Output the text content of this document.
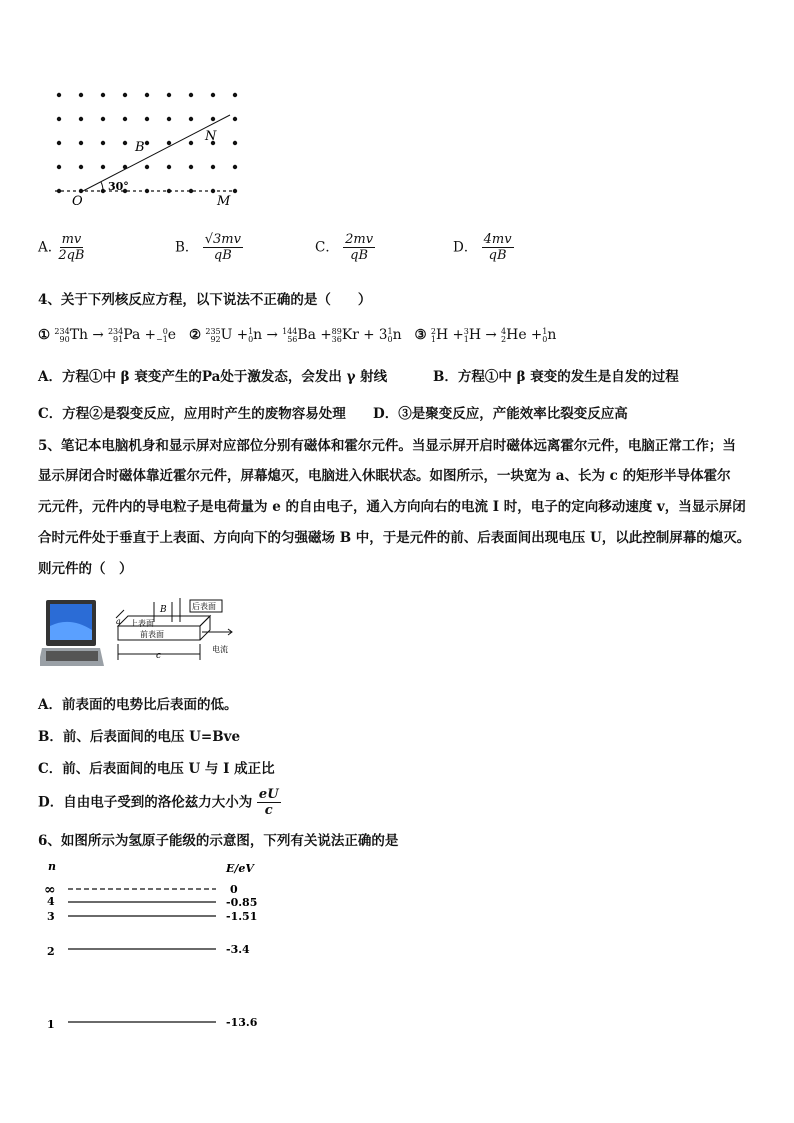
B
N
O	M
30°
A. $\frac{mv}{2qB}$	B． $\frac{√3mv}{qB}$	C． $\frac{2mv}{qB}$	D． $\frac{4mv}{qB}$
4、关于下列核反应方程，以下说法不正确的是（　　）
① 234
90 Th → 234
91 Pa + 0
−1 e ② 235
92 U + 1
0 n → 144
56 Ba + 89
36 Kr + 3 1
0 n ③ 2
1 H + 3
1 H → 4
2 He + 1
0 n
A．方程①中 β 衰变产生的Pa处于激发态，会发出 γ 射线	B．方程①中 β 衰变的发生是自发的过程
C．方程②是裂变反应，应用时产生的废物容易处理 D．③是聚变反应，产能效率比裂变反应高
5、笔记本电脑机身和显示屏对应部位分别有磁体和霍尔元件。当显示屏开启时磁体远离霍尔元件，电脑正常工作；当
显示屏闭合时磁体靠近霍尔元件，屏幕熄灭，电脑进入休眠状态。如图所示，一块宽为 a、长为 c 的矩形半导体霍尔
元元件，元件内的导电粒子是电荷量为 e 的自由电子，通入方向向右的电流 I 时，电子的定向移动速度 v，当显示屏闭
合时元件处于垂直于上表面、方向向下的匀强磁场 B 中，于是元件的前、后表面间出现电压 U，以此控制屏幕的熄灭。
则元件的（　）
B	后表面
上表面
前表面
a
c
电流
A．前表面的电势比后表面的低。
B．前、后表面间的电压 U=Bve
C．前、后表面间的电压 U 与 I 成正比
D．自由电子受到的洛伦兹力大小为 $\frac{eU}{c}$
6、如图所示为氢原子能级的示意图，下列有关说法正确的是
n	E/eV
∞	0
4	-0.85
3	-1.51
2	-3.4
1	-13.6
